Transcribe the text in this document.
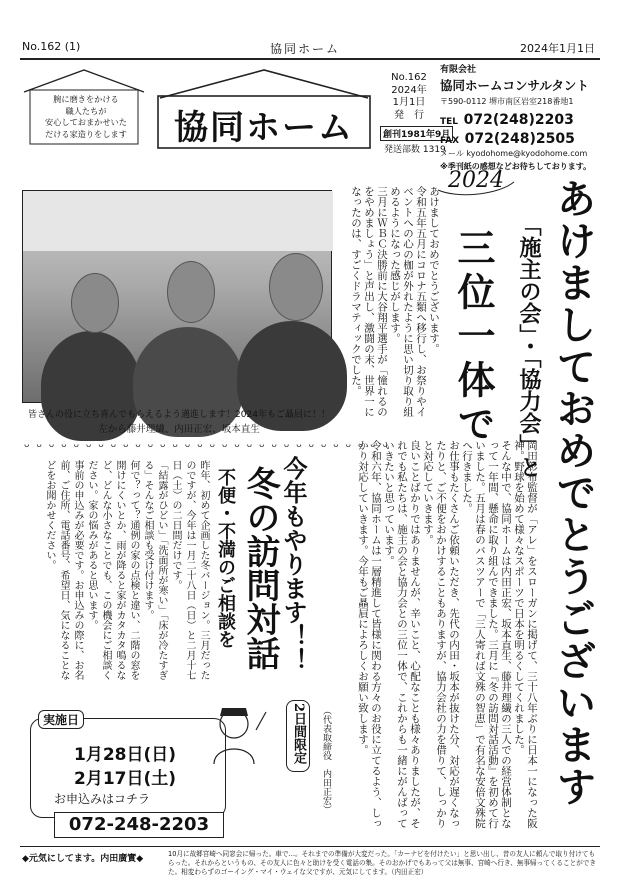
No.162 (1)	協同ホーム	2024年1月1日
腕に磨きをかける
職人たちが
安心しておまかせいた
だける家造りをします	協同ホーム
No.162
2024年
1月1日
発　行
創刊1981年9月
発送部数 1319
有限会社
協同ホームコンサルタント
〒590-0112 堺市南区岩室218番地1
TEL 072(248)2203
FAX 072(248)2505
メール kyodohome@kyodohome.com
※季刊紙の感想などお待ちしております。
皆さんの役に立ち喜んでもらえるよう邁進します！2024年もご贔屓に！！
左から藤井理繊、内田正宏、坂本直生
2024 あけましておめでとうございます
「施主の会」・「協力会」と
三位一体で

あけましておめでとうございます。

令和五年五月にコロナ五類へ移行し、お祭りやイベントへの心の枷が外れたように思い切り取り組めるようになった感じがします。

三月にＷＢＣ決勝前に大谷翔平選手が「憧れるのをやめましょう」と声出し、激闘の末、世界一になったのは、すごくドラマティックでした。

岡田彰布監督が「アレ」をスローガンに掲げて、三十八年ぶりに日本一になった阪神。野球を始めて様々なスポーツで日本を明るくしてくれました。

そんな中で、協同ホームは内田正宏、坂本直生、藤井理繊の三人での経営体制となって一年間、懸命に取り組んできました。三月に『冬の訪問対話活動』を初めて行いました。五月は春のバスツアーで「三人寄れば文殊の智恵」で有名な安倍文殊院へ行きました。

お仕事もたくさんご依頼いただき、先代の内田・坂本が抜けた分、対応が遅くなったりと、ご不便をおかけすることもありますが、協力会社の力を借りて、しっかりと対応していきます。

良いことばかりではありませんが、辛いこと、心配なことも様々ありましたが、それでも私たちは、施主の会と協力会との三位一体で、これからも一緒にがんばっていきたいと思っています。

令和六年、協同ホームは一層精進して皆様に関わる方々のお役に立てるよう、しっかり対応していきます。今年もご贔屓によろしくお願い致します。

（代表取締役　内田正宏）
ᴗ ᴗ ᴗ ᴗ ᴗ ᴗ ᴗ ᴗ ᴗ ᴗ ᴗ ᴗ ᴗ ᴗ ᴗ ᴗ ᴗ ᴗ ᴗ ᴗ ᴗ ᴗ ᴗ ᴗ ᴗ ᴗ ᴗ ᴗ ᴗ ᴗ

昨年、初めて企画した冬バージョン。三月だったのですが、今年は一月二十八日（日）と二月十七日（土）の二日間だけです。

「結露がひどい」「洗面所が寒い」「床が冷たすぎる」そんなご相談も受け付けます。

何で？って？通例の家の点検と違い、二階の窓を開けにくいとか、雨が降ると家がカタカタ鳴るなど、どんな小さなことでも、この機会にご相談ください。家の悩みがあると思います。

事前の申込みが必要です。お申込みの際に、お名前、ご住所、電話番号、希望日、気になることなどをお聞かせください。	今年もやります！！
冬の訪問対話
不便・不満のご相談を
2日間限定
実施日
1月28日(日)
2月17日(土)
お申込みはコチラ
072-248-2203
◆元気にしてます。内田廣實◆	10月に故郷宮崎へ同窓会に帰った。車で…。それまでの準備が大変だった。「カーナビを付けたい」と思い出し、昔の友人に頼んで取り付けてもらった。それからというもの、その友人に色々と助けを受く電話の集。そのおかげでもあって父は無事、宮崎へ行き、無事帰ってくることができた。相変わらずのゴーイング・マイ・ウェイな父ですが、元気にしてます。（内田正宏）
